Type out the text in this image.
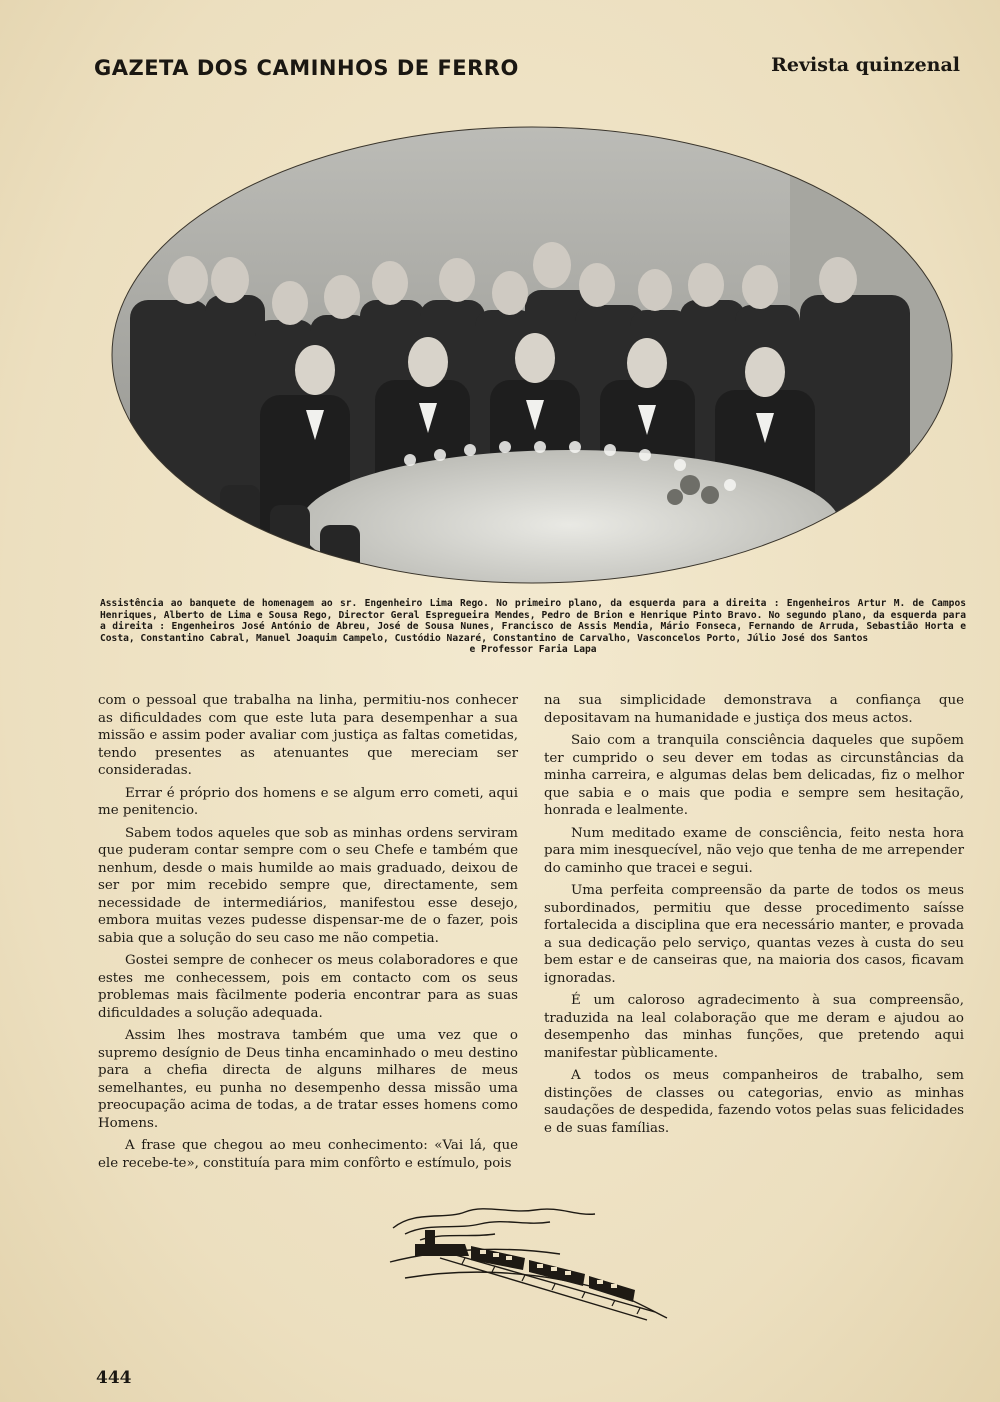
GAZETA DOS CAMINHOS DE FERRO	Revista quinzenal
Assistência ao banquete de homenagem ao sr. Engenheiro Lima Rego. No primeiro plano, da esquerda para a direita : Engenheiros Artur M. de Campos Henriques, Alberto de Lima e Sousa Rego, Director Geral Espregueira Mendes, Pedro de Brion e Henrique Pinto Bravo. No segundo plano, da esquerda para a direita : Engenheiros José António de Abreu, José de Sousa Nunes, Francisco de Assis Mendia, Mário Fonseca, Fernando de Arruda, Sebastião Horta e Costa, Constantino Cabral, Manuel Joaquim Campelo, Custódio Nazaré, Constantino de Carvalho, Vasconcelos Porto, Júlio José dos Santos
e Professor Faria Lapa

com o pessoal que trabalha na linha, permitiu-nos conhecer as dificuldades com que este luta para desempenhar a sua missão e assim poder avaliar com justiça as faltas cometidas, tendo presentes as atenuantes que mereciam ser consideradas.

Errar é próprio dos homens e se algum erro cometi, aqui me penitencio.

Sabem todos aqueles que sob as minhas ordens serviram que puderam contar sempre com o seu Chefe e também que nenhum, desde o mais humilde ao mais graduado, deixou de ser por mim recebido sempre que, directamente, sem necessidade de intermediários, manifestou esse desejo, embora muitas vezes pudesse dispensar-me de o fazer, pois sabia que a solução do seu caso me não competia.

Gostei sempre de conhecer os meus colaboradores e que estes me conhecessem, pois em contacto com os seus problemas mais fàcilmente poderia encontrar para as suas dificuldades a solução adequada.

Assim lhes mostrava também que uma vez que o supremo desígnio de Deus tinha encaminhado o meu destino para a chefia directa de alguns milhares de meus semelhantes, eu punha no desempenho dessa missão uma preocupação acima de todas, a de tratar esses homens como Homens.

A frase que chegou ao meu conhecimento: «Vai lá, que ele recebe-te», constituía para mim confôrto e estímulo, pois

na sua simplicidade demonstrava a confiança que depositavam na humanidade e justiça dos meus actos.

Saio com a tranquila consciência daqueles que supõem ter cumprido o seu dever em todas as circunstâncias da minha carreira, e algumas delas bem delicadas, fiz o melhor que sabia e o mais que podia e sempre sem hesitação, honrada e lealmente.

Num meditado exame de consciência, feito nesta hora para mim inesquecível, não vejo que tenha de me arrepender do caminho que tracei e segui.

Uma perfeita compreensão da parte de todos os meus subordinados, permitiu que desse procedimento saísse fortalecida a disciplina que era necessário manter, e provada a sua dedicação pelo serviço, quantas vezes à custa do seu bem estar e de canseiras que, na maioria dos casos, ficavam ignoradas.

É um caloroso agradecimento à sua compreensão, traduzida na leal colaboração que me deram e ajudou ao desempenho das minhas funções, que pretendo aqui manifestar pùblicamente.

A todos os meus companheiros de trabalho, sem distinções de classes ou categorias, envio as minhas saudações de despedida, fazendo votos pelas suas felicidades e de suas famílias.

444
